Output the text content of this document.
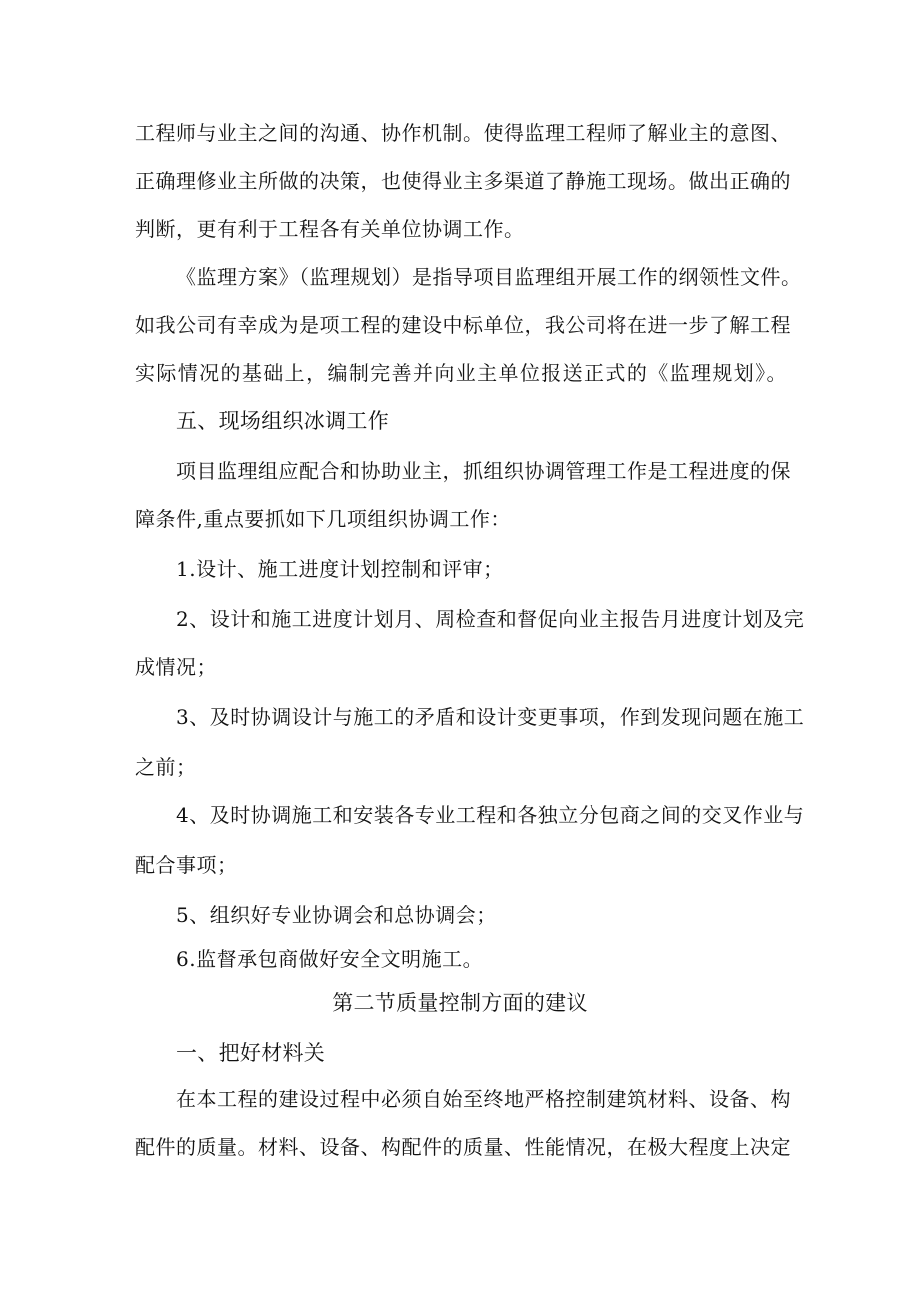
工程师与业主之间的沟通、协作机制。使得监理工程师了解业主的意图、
正确理修业主所做的决策，也使得业主多渠道了静施工现场。做出正确的
判断，更有利于工程各有关单位协调工作。
《监理方案》（监理规划）是指导项目监理组开展工作的纲领性文件。
如我公司有幸成为是项工程的建设中标单位，我公司将在进一步了解工程
实际情况的基础上，编制完善并向业主单位报送正式的《监理规划》。
五、现场组织冰调工作
项目监理组应配合和协助业主，抓组织协调管理工作是工程进度的保
障条件,重点要抓如下几项组织协调工作：
1.设计、施工进度计划控制和评审；
2、设计和施工进度计划月、周检查和督促向业主报告月进度计划及完
成情况；
3、及时协调设计与施工的矛盾和设计变更事项，作到发现问题在施工
之前；
4、及时协调施工和安装各专业工程和各独立分包商之间的交叉作业与
配合事项；
5、组织好专业协调会和总协调会；
6.监督承包商做好安全文明施工。
第二节质量控制方面的建议
一、把好材料关
在本工程的建设过程中必须自始至终地严格控制建筑材料、设备、构
配件的质量。材料、设备、构配件的质量、性能情况，在极大程度上决定
